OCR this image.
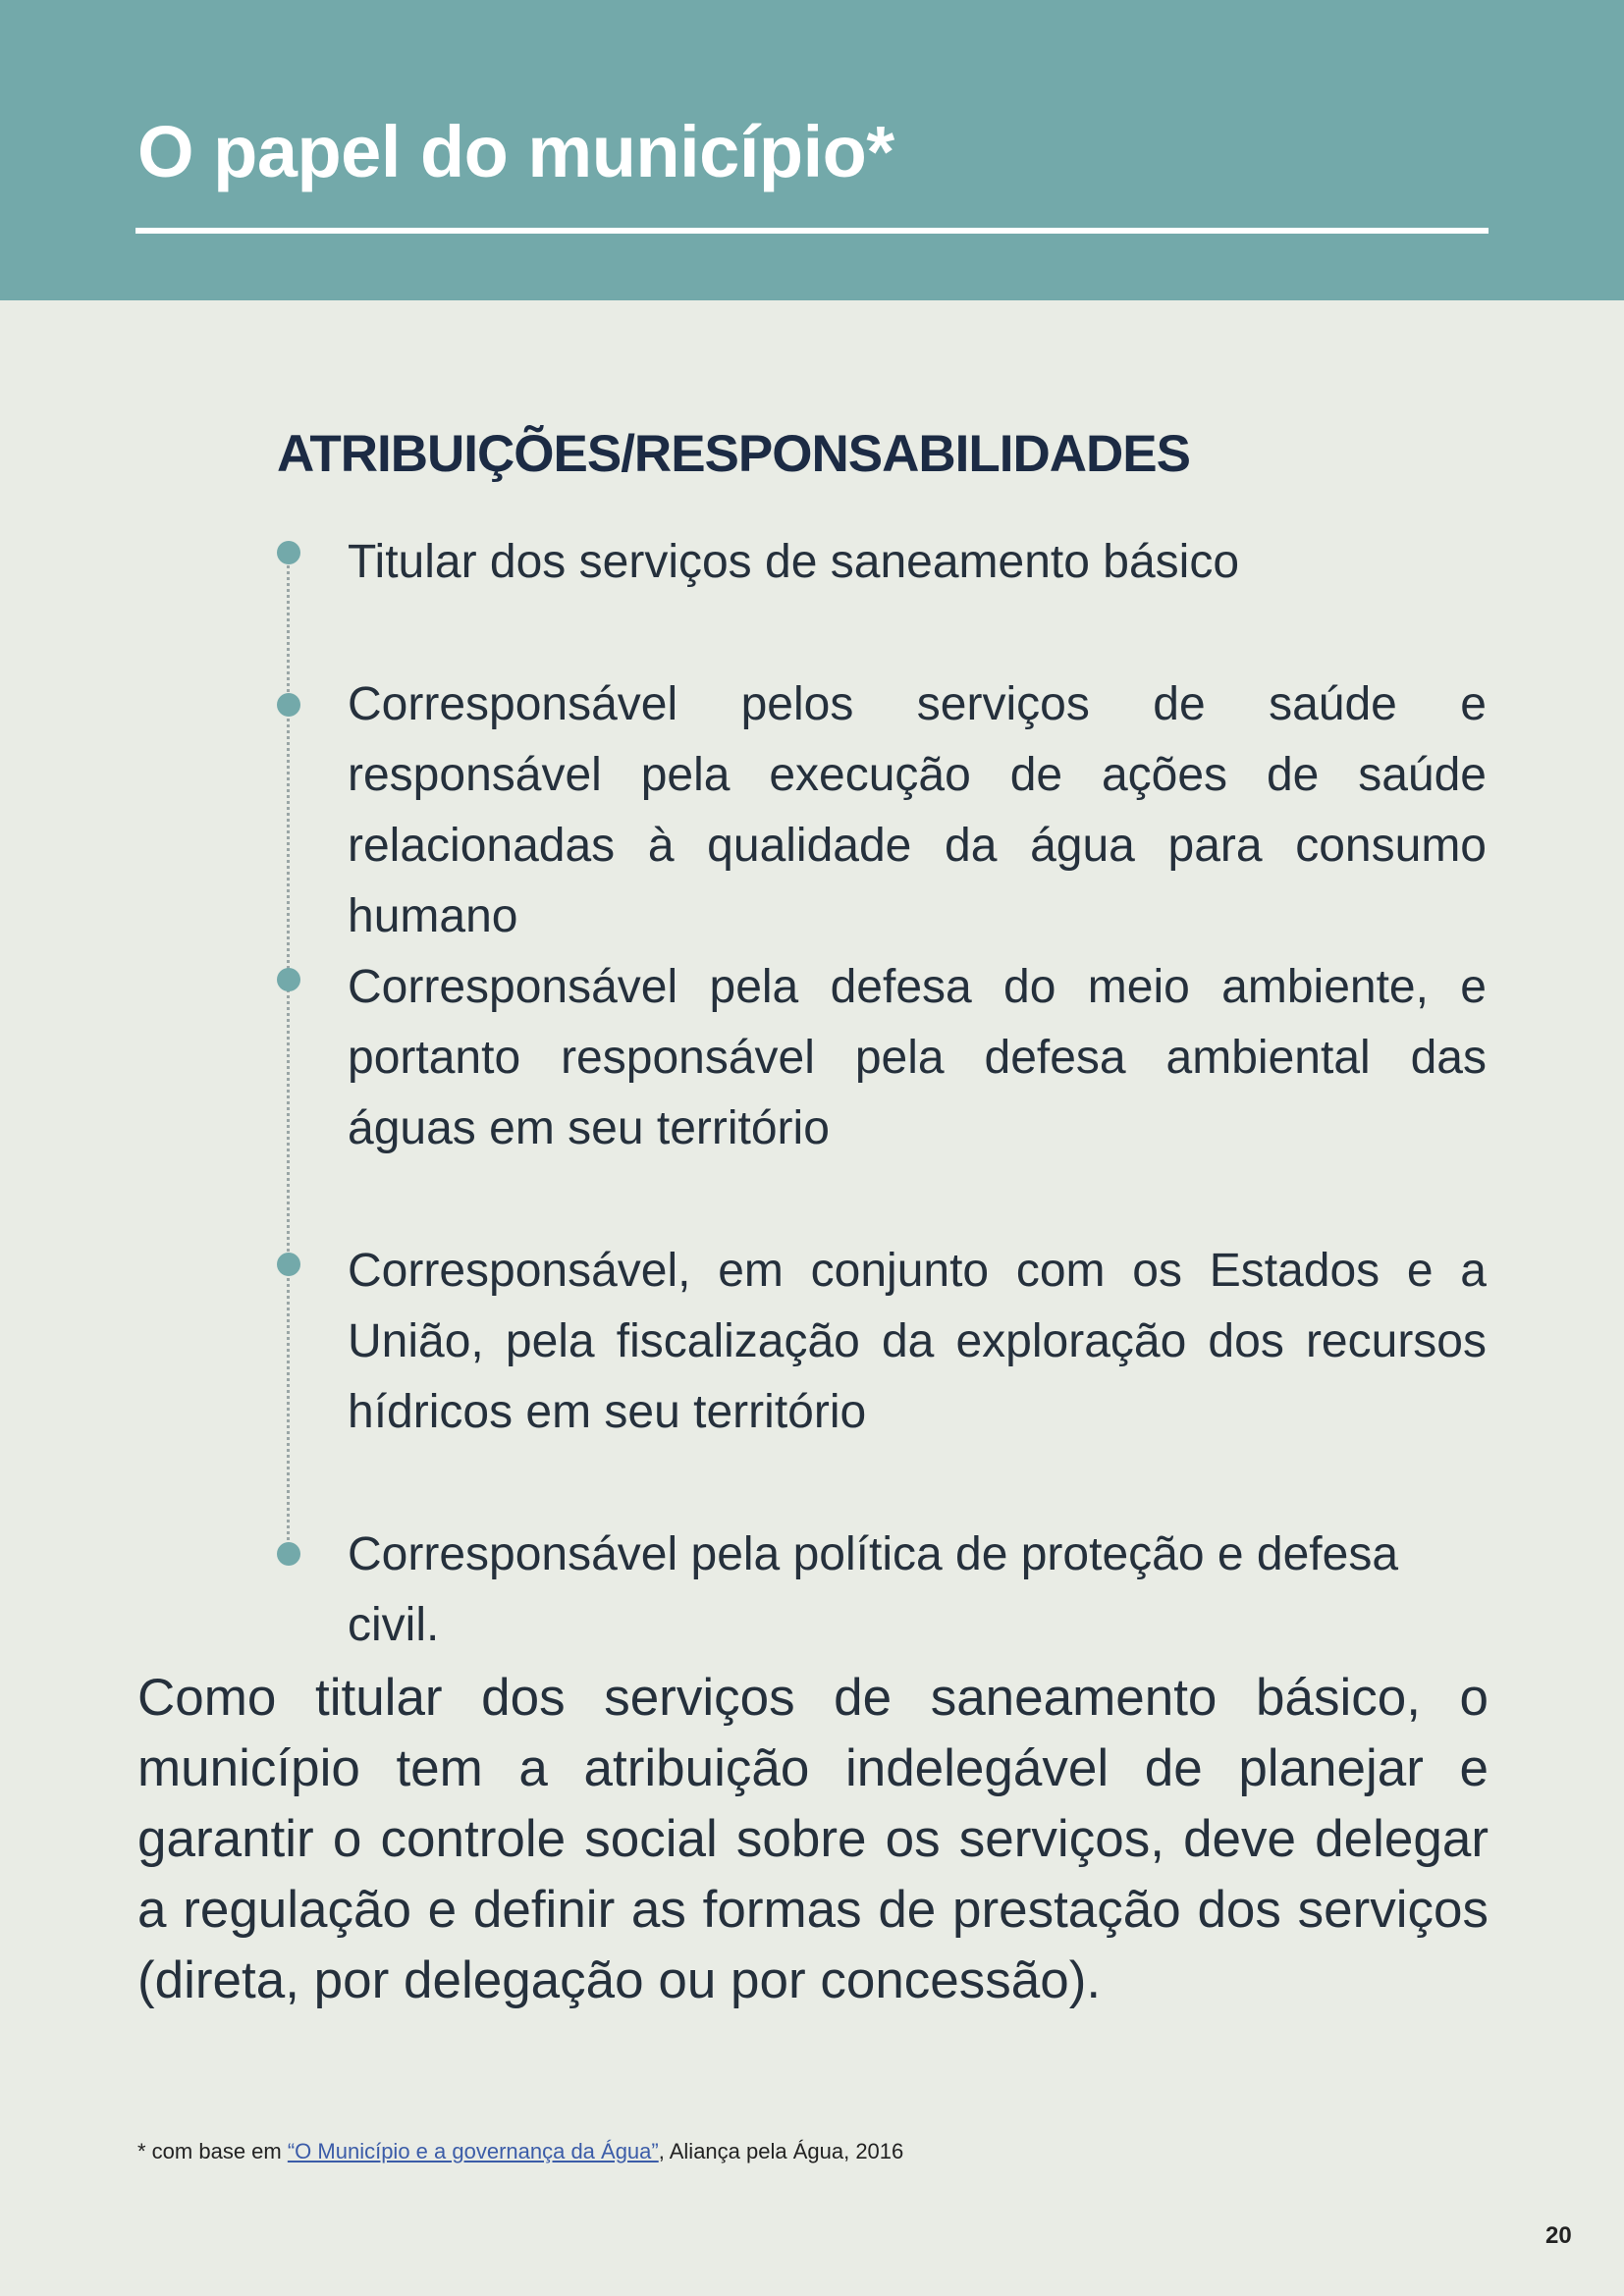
O papel do município*
ATRIBUIÇÕES/RESPONSABILIDADES
Titular dos serviços de saneamento básico
Corresponsável pelos serviços de saúde e responsável pela execução de ações de saúde relacionadas à qualidade da água para consumo humano
Corresponsável pela defesa do meio ambiente, e portanto responsável pela defesa ambiental das águas em seu território
Corresponsável, em conjunto com os Estados e a União, pela fiscalização da exploração dos recursos hídricos em seu território
Corresponsável pela política de proteção e defesa civil.
Como titular dos serviços de saneamento básico, o município tem a atribuição indelegável de planejar e garantir o controle social sobre os serviços, deve delegar a regulação e definir as formas de prestação dos serviços (direta, por delegação ou por concessão).
* com base em “O Município e a governança da Água”, Aliança pela Água, 2016
20
